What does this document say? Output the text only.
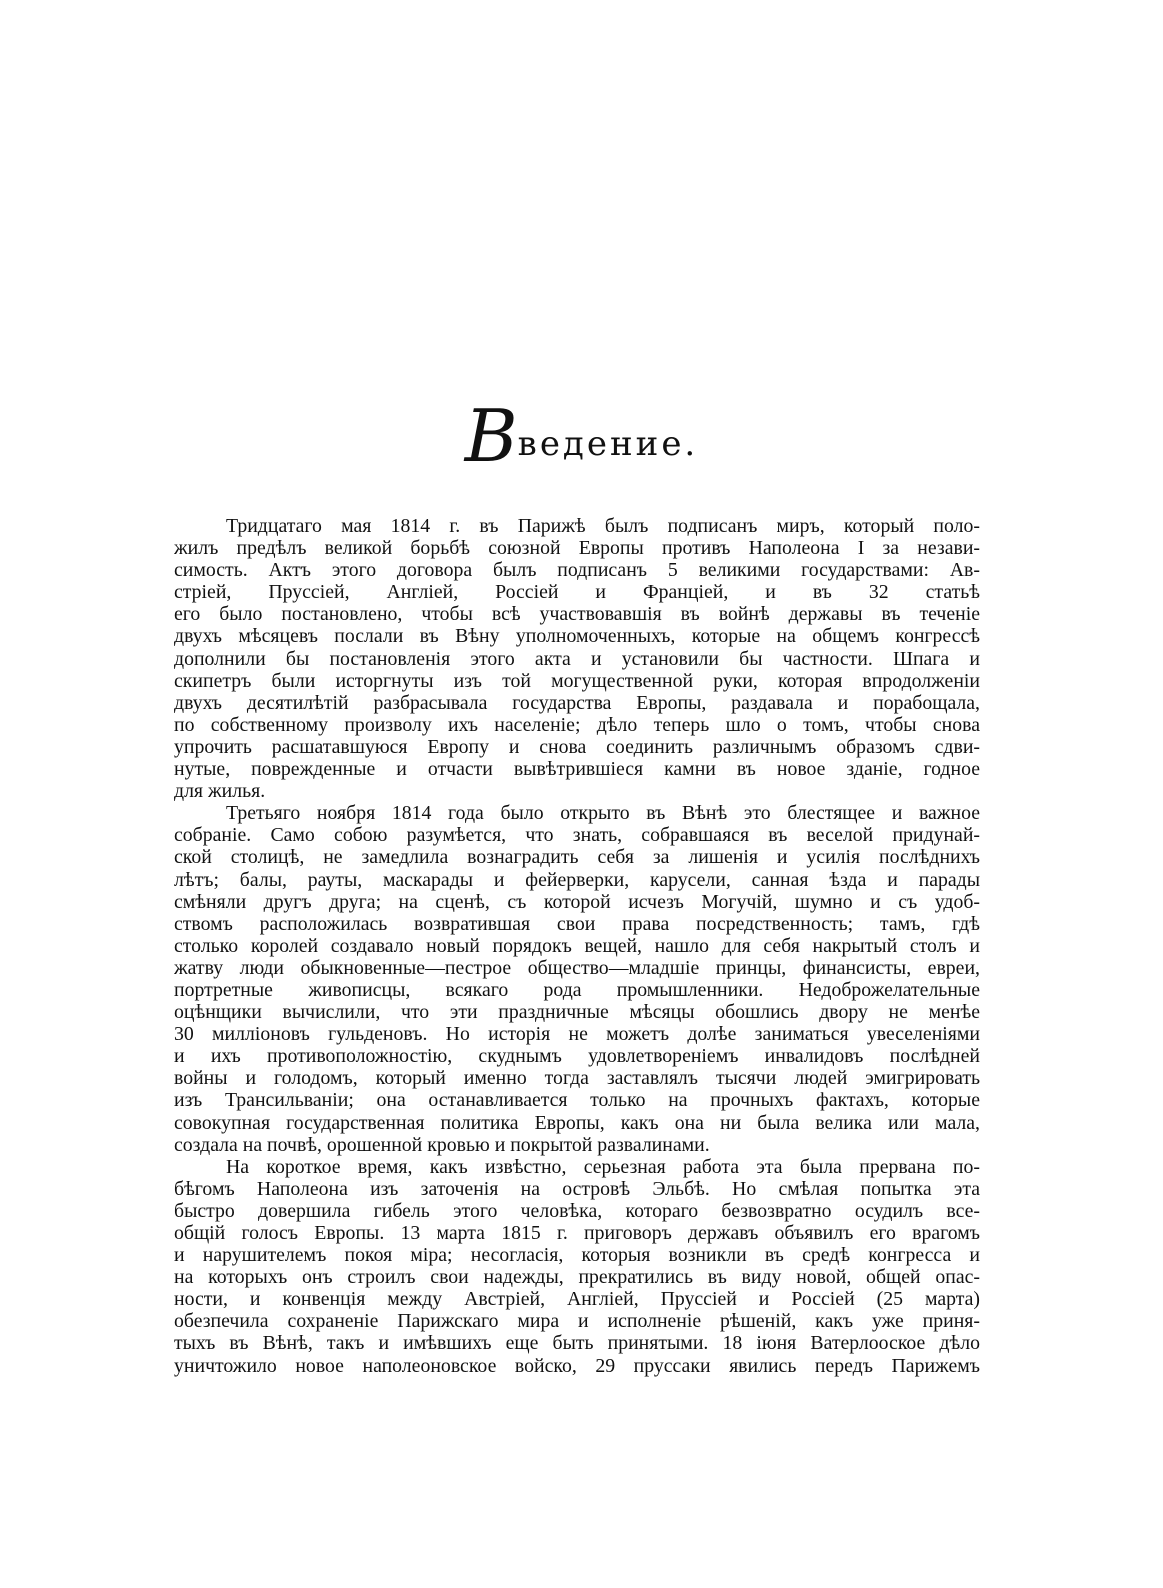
Введение.
Тридцатаго мая 1814 г. въ Парижѣ былъ подписанъ миръ, который поло-
жилъ предѣлъ великой борьбѣ союзной Европы противъ Наполеона I за незави-
симость. Актъ этого договора былъ подписанъ 5 великими государствами: Ав-
стріей, Пруссіей, Англіей, Россіей и Франціей, и въ 32 статьѣ
его было постановлено, чтобы всѣ участвовавшія въ войнѣ державы въ теченіе
двухъ мѣсяцевъ послали въ Вѣну уполномоченныхъ, которые на общемъ конгрессѣ
дополнили бы постановленія этого акта и установили бы частности. Шпага и
скипетръ были исторгнуты изъ той могущественной руки, которая впродолженіи
двухъ десятилѣтій разбрасывала государства Европы, раздавала и порабощала,
по собственному произволу ихъ населеніе; дѣло теперь шло о томъ, чтобы снова
упрочить расшатавшуюся Европу и снова соединить различнымъ образомъ сдви-
нутые, поврежденные и отчасти вывѣтрившіеся камни въ новое зданіе, годное
для жилья.
Третьяго ноября 1814 года было открыто въ Вѣнѣ это блестящее и важное
собраніе. Само собою разумѣется, что знать, собравшаяся въ веселой придунай-
ской столицѣ, не замедлила вознаградить себя за лишенія и усилія послѣднихъ
лѣтъ; балы, рауты, маскарады и фейерверки, карусели, санная ѣзда и парады
смѣняли другъ друга; на сценѣ, съ которой исчезъ Могучій, шумно и съ удоб-
ствомъ расположилась возвратившая свои права посредственность; тамъ, гдѣ
столько королей создавало новый порядокъ вещей, нашло для себя накрытый столъ и
жатву люди обыкновенные—пестрое общество—младшіе принцы, финансисты, евреи,
портретные живописцы, всякаго рода промышленники. Недоброжелательные
оцѣнщики вычислили, что эти праздничные мѣсяцы обошлись двору не менѣе
30 милліоновъ гульденовъ. Но исторія не можетъ долѣе заниматься увеселеніями
и ихъ противоположностію, скуднымъ удовлетвореніемъ инвалидовъ послѣдней
войны и голодомъ, который именно тогда заставлялъ тысячи людей эмигрировать
изъ Трансильваніи; она останавливается только на прочныхъ фактахъ, которые
совокупная государственная политика Европы, какъ она ни была велика или мала,
создала на почвѣ, орошенной кровью и покрытой развалинами.
На короткое время, какъ извѣстно, серьезная работа эта была прервана по-
бѣгомъ Наполеона изъ заточенія на островѣ Эльбѣ. Но смѣлая попытка эта
быстро довершила гибель этого человѣка, котораго безвозвратно осудилъ все-
общій голосъ Европы. 13 марта 1815 г. приговоръ державъ объявилъ его врагомъ
и нарушителемъ покоя міра; несогласія, которыя возникли въ средѣ конгресса и
на которыхъ онъ строилъ свои надежды, прекратились въ виду новой, общей опас-
ности, и конвенція между Австріей, Англіей, Пруссіей и Россіей (25 марта)
обезпечила сохраненіе Парижскаго мира и исполненіе рѣшеній, какъ уже приня-
тыхъ въ Вѣнѣ, такъ и имѣвшихъ еще быть принятыми. 18 іюня Ватерлооское дѣло
уничтожило новое наполеоновское войско, 29 пруссаки явились передъ Парижемъ
